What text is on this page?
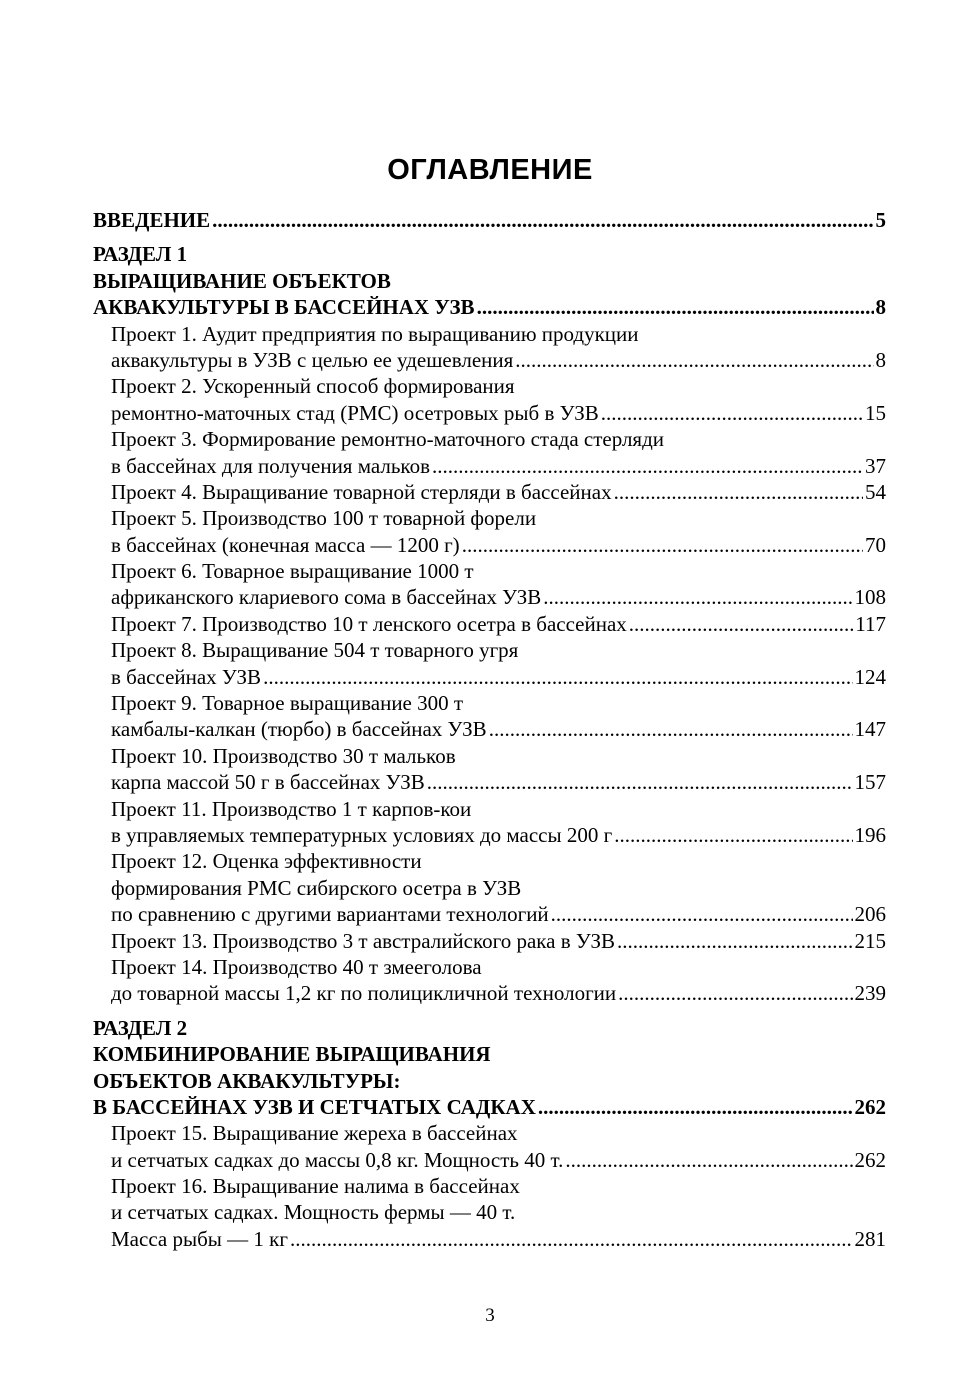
ОГЛАВЛЕНИЕ
ВВЕДЕНИЕ .....	5
РАЗДЕЛ 1
ВЫРАЩИВАНИЕ ОБЪЕКТОВ
АКВАКУЛЬТУРЫ В БАССЕЙНАХ УЗВ .....	8
Проект 1. Аудит предприятия по выращиванию продукции
аквакультуры в УЗВ с целью ее удешевления .....	8
Проект 2. Ускоренный способ формирования
ремонтно-маточных стад (РМС) осетровых рыб в УЗВ .....	15
Проект 3. Формирование ремонтно-маточного стада стерляди
в бассейнах для получения мальков .....	37
Проект 4. Выращивание товарной стерляди в бассейнах .....	54
Проект 5. Производство 100 т товарной форели
в бассейнах (конечная масса — 1200 г) .....	70
Проект 6. Товарное выращивание 1000 т
африканского клариевого сома в бассейнах УЗВ .....	108
Проект 7. Производство 10 т ленского осетра в бассейнах .....	117
Проект 8. Выращивание 504 т товарного угря
в бассейнах УЗВ .....	124
Проект 9. Товарное выращивание 300 т
камбалы-калкан (тюрбо) в бассейнах УЗВ .....	147
Проект 10. Производство 30 т мальков
карпа массой 50 г в бассейнах УЗВ .....	157
Проект 11. Производство 1 т карпов-кои
в управляемых температурных условиях до массы 200 г .....	196
Проект 12. Оценка эффективности
формирования РМС сибирского осетра в УЗВ
по сравнению с другими вариантами технологий .....	206
Проект 13. Производство 3 т австралийского рака в УЗВ .....	215
Проект 14. Производство 40 т змееголова
до товарной массы 1,2 кг по полицикличной технологии .....	239
РАЗДЕЛ 2
КОМБИНИРОВАНИЕ ВЫРАЩИВАНИЯ
ОБЪЕКТОВ АКВАКУЛЬТУРЫ:
В БАССЕЙНАХ УЗВ И СЕТЧАТЫХ САДКАХ .....	262
Проект 15. Выращивание жереха в бассейнах
и сетчатых садках до массы 0,8 кг. Мощность 40 т. .....	262
Проект 16. Выращивание налима в бассейнах
и сетчатых садках. Мощность фермы — 40 т.
Масса рыбы — 1 кг .....	281
3
